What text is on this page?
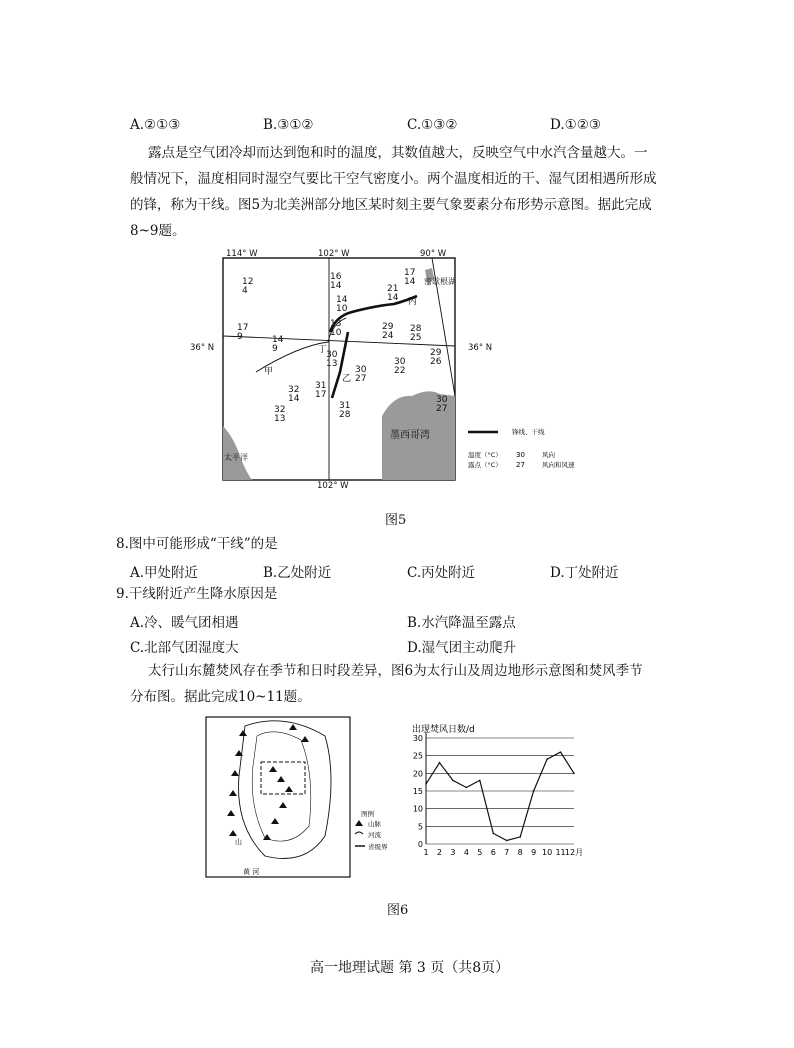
A.②①③	B.③①②	C.①③②	D.①②③
露点是空气团冷却而达到饱和时的温度，其数值越大，反映空气中水汽含量越大。一
般情况下，温度相同时湿空气要比干空气密度小。两个温度相近的干、湿气团相遇所形成
的锋，称为干线。图5为北美洲部分地区某时刻主要气象要素分布形势示意图。据此完成
8~9题。
114° W	102° W	90° W
102° W
36° N	36° N
12
4
16
14
14
10
13
10
17
14
21
14
17
9	14
9
30
13
29
24
28
25
29
26
30
22
30
27
32
14
31
17
32
13
31
28
30
27
甲
乙
丙
丁
墨西哥湾
太平洋
密歇根湖
锋线、干线
温度（°C）
露点（°C）
30
27
风向
风向和风速
图5
8.图中可能形成“干线”的是
A.甲处附近	B.乙处附近	C.丙处附近	D.丁处附近
9.干线附近产生降水原因是
A.冷、暖气团相遇	B.水汽降温至露点
C.北部气团湿度大	D.湿气团主动爬升
太行山东麓焚风存在季节和日时段差异，图6为太行山及周边地形示意图和焚风季节
分布图。据此完成10~11题。
山
黄 河
图例
山脉
河流
省级界
出现焚风日数/d
0
5
10
15
20
25
30
1 2 3 4 5 6 7 8 9 10 11 12月
图6
高一地理试题 第 3 页（共8页）
